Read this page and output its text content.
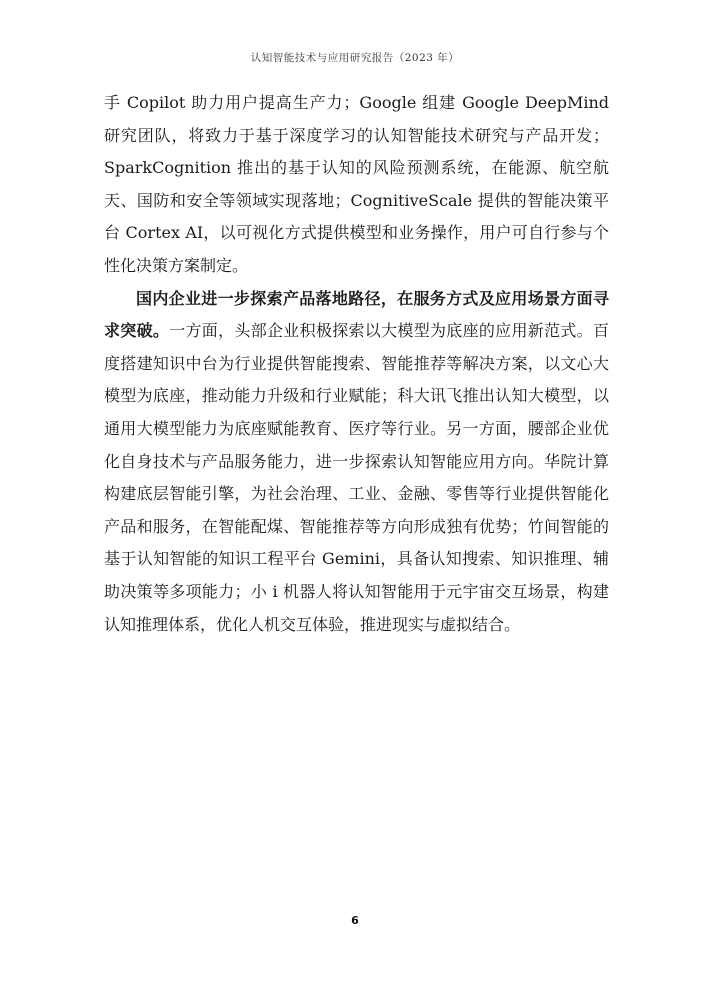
认知智能技术与应用研究报告（2023 年）

手 Copilot 助力用户提高生产力；Google 组建 Google DeepMind 研究团队，将致力于基于深度学习的认知智能技术研究与产品开发；SparkCognition 推出的基于认知的风险预测系统，在能源、航空航天、国防和安全等领域实现落地；CognitiveScale 提供的智能决策平台 Cortex AI，以可视化方式提供模型和业务操作，用户可自行参与个性化决策方案制定。

国内企业进一步探索产品落地路径，在服务方式及应用场景方面寻求突破。一方面，头部企业积极探索以大模型为底座的应用新范式。百度搭建知识中台为行业提供智能搜索、智能推荐等解决方案，以文心大模型为底座，推动能力升级和行业赋能；科大讯飞推出认知大模型，以通用大模型能力为底座赋能教育、医疗等行业。另一方面，腰部企业优化自身技术与产品服务能力，进一步探索认知智能应用方向。华院计算构建底层智能引擎，为社会治理、工业、金融、零售等行业提供智能化产品和服务，在智能配煤、智能推荐等方向形成独有优势；竹间智能的基于认知智能的知识工程平台 Gemini，具备认知搜索、知识推理、辅助决策等多项能力；小 i 机器人将认知智能用于元宇宙交互场景，构建认知推理体系，优化人机交互体验，推进现实与虚拟结合。

6
